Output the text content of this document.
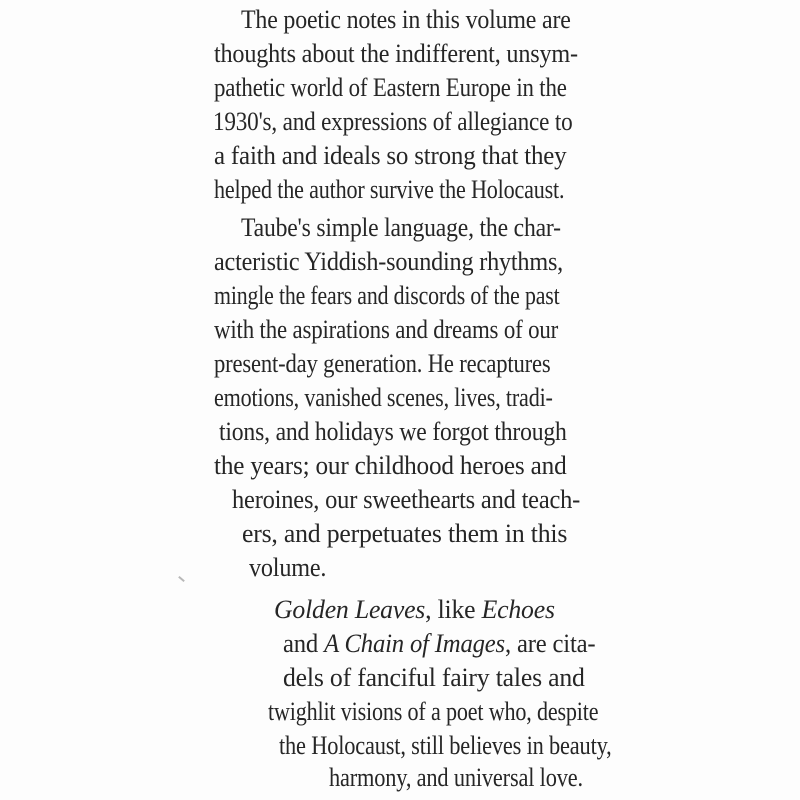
The poetic notes in this volume are
thoughts about the indifferent, unsym-
pathetic world of Eastern Europe in the
1930's, and expressions of allegiance to
a faith and ideals so strong that they
helped the author survive the Holocaust.
Taube's simple language, the char-
acteristic Yiddish-sounding rhythms,
mingle the fears and discords of the past
with the aspirations and dreams of our
present-day generation. He recaptures
emotions, vanished scenes, lives, tradi-
tions, and holidays we forgot through
the years; our childhood heroes and
heroines, our sweethearts and teach-
ers, and perpetuates them in this
volume.
Golden Leaves, like Echoes
and A Chain of Images, are cita-
dels of fanciful fairy tales and
twighlit visions of a poet who, despite
the Holocaust, still believes in beauty,
harmony, and universal love.
